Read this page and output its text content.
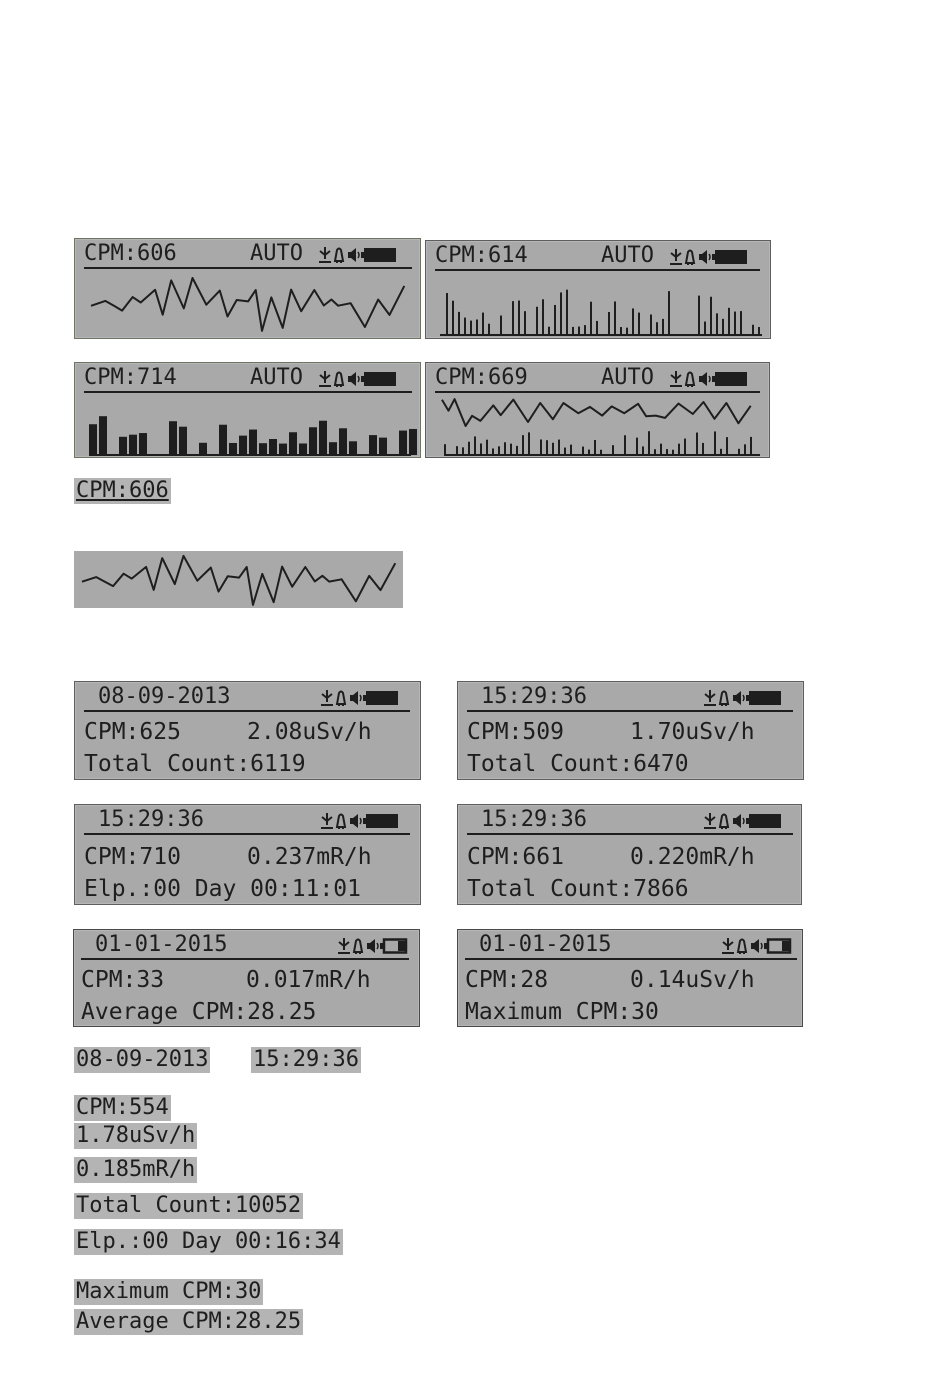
CPM:606	AUTO	CPM:614	AUTO
CPM:714	AUTO	CPM:669	AUTO
CPM:606
08-09-2013
CPM:625	2.08uSv/h
Total Count:6119
15:29:36
CPM:509	1.70uSv/h
Total Count:6470
15:29:36
CPM:710	0.237mR/h
Elp.:00 Day 00:11:01
15:29:36
CPM:661	0.220mR/h
Total Count:7866
01-01-2015
CPM:33	0.017mR/h
Average CPM:28.25
01-01-2015
CPM:28	0.14uSv/h
Maximum CPM:30
08-09-2013 15:29:36
CPM:554
1.78uSv/h
0.185mR/h
Total Count:10052
Elp.:00 Day 00:16:34
Maximum CPM:30
Average CPM:28.25
